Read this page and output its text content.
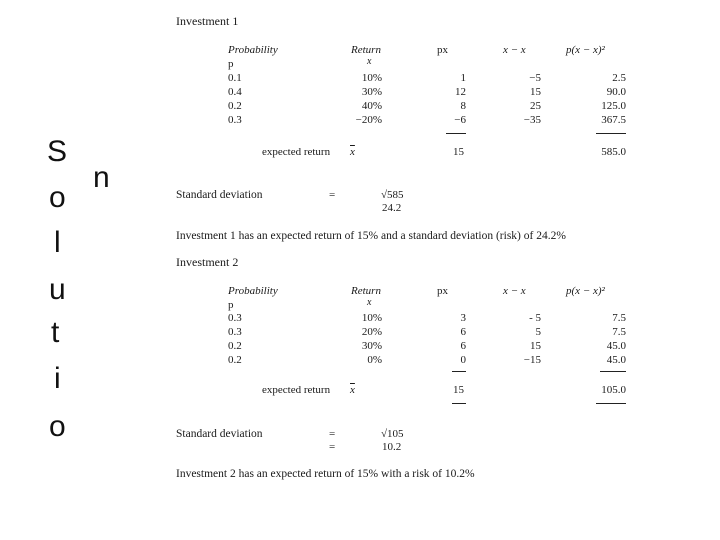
S
o
l
u
t
i
o
n
Investment 1
Probability	Return	px	x − x	p(x − x)²
p	x
0.1	10%	1	−5	2.5
0.4	30%	12	15	90.0
0.2	40%	8	25	125.0
0.3	−20%	−6	−35	367.5
expected return $\overline{x}$	15	585.0
Standard deviation	=	√585
24.2
Investment 1 has an expected return of 15% and a standard deviation (risk) of 24.2%
Investment 2
Probability	Return	px	x − x	p(x − x)²
p	x
0.3	10%	3	- 5	7.5
0.3	20%	6	5	7.5
0.2	30%	6	15	45.0
0.2	0%	0	−15	45.0
expected return $\overline{x}$	15	105.0
Standard deviation	=	√105
=	10.2
Investment 2 has an expected return of 15% with a risk of 10.2%
